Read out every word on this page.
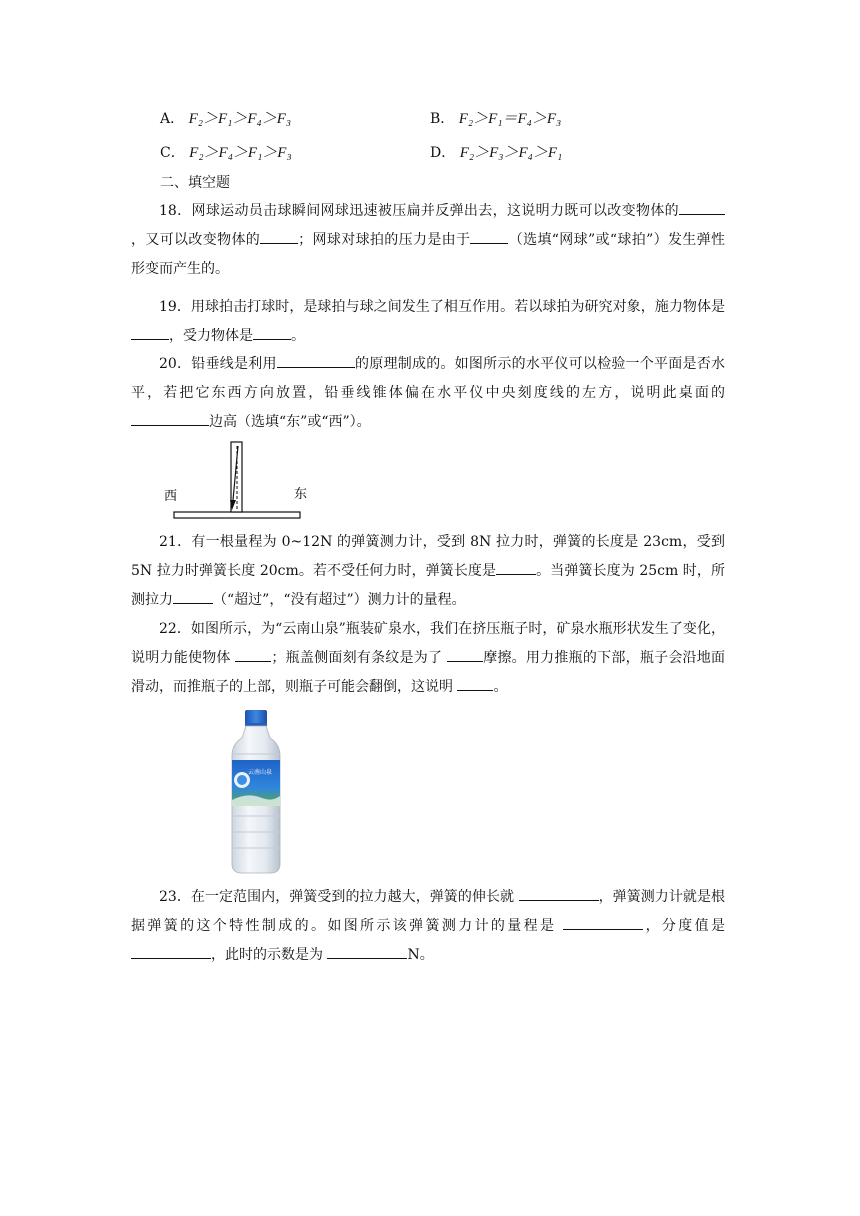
A． F₂＞F₁＞F₄＞F₃	B． F₂＞F₁＝F₄＞F₃
C． F₂＞F₄＞F₁＞F₃	D． F₂＞F₃＞F₄＞F₁
二、填空题

18．网球运动员击球瞬间网球迅速被压扁并反弹出去，这说明力既可以改变物体的，又可以改变物体的	；网球对球拍的压力是由于	（选填“网球”或“球拍”）发生弹性形变而产生的。

19．用球拍击打球时，是球拍与球之间发生了相互作用。若以球拍为研究对象，施力物体是，受力物体是	。

20．铅垂线是利用	的原理制成的。如图所示的水平仪可以检验一个平面是否水平，若把它东西方向放置，铅垂线锥体偏在水平仪中央刻度线的左方，说明此桌面的边高（选填“东”或“西”）。

西	东

21．有一根量程为 0~12N 的弹簧测力计，受到 8N 拉力时，弹簧的长度是 23cm，受到 5N 拉力时弹簧长度 20cm。若不受任何力时，弹簧长度是	。当弹簧长度为 25cm 时，所测拉力	（“超过”，“没有超过”）测力计的量程。

22．如图所示，为“云南山泉”瓶装矿泉水，我们在挤压瓶子时，矿泉水瓶形状发生了变化，说明力能使物体	；瓶盖侧面刻有条纹是为了	摩擦。用力推瓶的下部，瓶子会沿地面滑动，而推瓶子的上部，则瓶子可能会翻倒，这说明	。

云南山泉

23．在一定范围内，弹簧受到的拉力越大，弹簧的伸长就	，弹簧测力计就是根据弹簧的这个特性制成的。如图所示该弹簧测力计的量程是	，分度值是，此时的示数是为	N。
